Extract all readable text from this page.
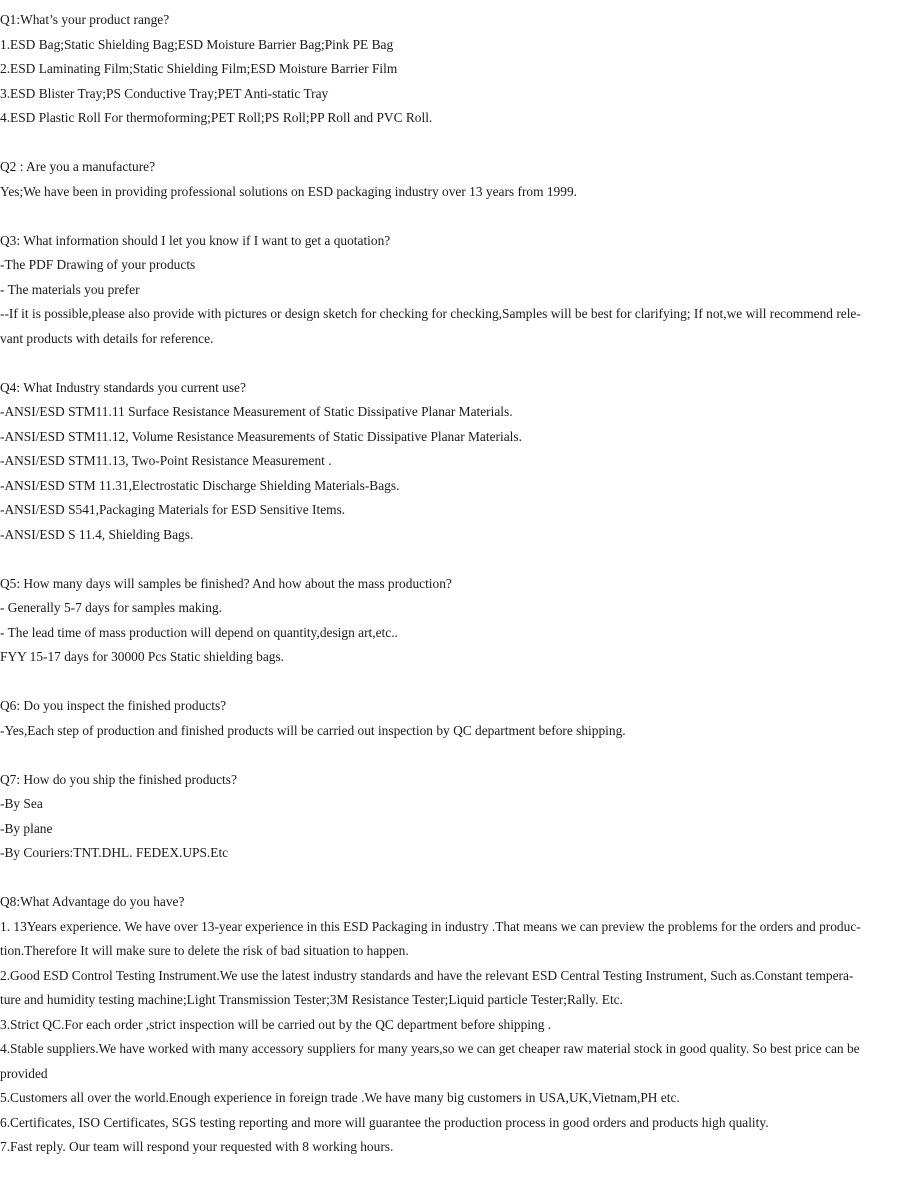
Q1:What’s your product range?
1.ESD Bag;Static Shielding Bag;ESD Moisture Barrier Bag;Pink PE Bag
2.ESD Laminating Film;Static Shielding Film;ESD Moisture Barrier Film
3.ESD Blister Tray;PS Conductive Tray;PET Anti-static Tray
4.ESD Plastic Roll For thermoforming;PET Roll;PS Roll;PP Roll and PVC Roll.
Q2 : Are you a manufacture?
Yes;We have been in providing professional solutions on ESD packaging industry over 13 years from 1999.
Q3: What information should I let you know if I want to get a quotation?
-The PDF Drawing of your products
- The materials you prefer
--If it is possible,please also provide with pictures or design sketch for checking for checking,Samples will be best for clarifying; If not,we will recommend rele-
vant products with details for reference.
Q4: What Industry standards you current use?
-ANSI/ESD STM11.11 Surface Resistance Measurement of Static Dissipative Planar Materials.
-ANSI/ESD STM11.12, Volume Resistance Measurements of Static Dissipative Planar Materials.
-ANSI/ESD STM11.13, Two-Point Resistance Measurement .
-ANSI/ESD STM 11.31,Electrostatic Discharge Shielding Materials-Bags.
-ANSI/ESD S541,Packaging Materials for ESD Sensitive Items.
-ANSI/ESD S 11.4, Shielding Bags.
Q5: How many days will samples be finished? And how about the mass production?
- Generally 5-7 days for samples making.
- The lead time of mass production will depend on quantity,design art,etc..
FYY 15-17 days for 30000 Pcs Static shielding bags.
Q6: Do you inspect the finished products?
-Yes,Each step of production and finished products will be carried out inspection by QC department before shipping.
Q7: How do you ship the finished products?
-By Sea
-By plane
-By Couriers:TNT.DHL. FEDEX.UPS.Etc
Q8:What Advantage do you have?
1. 13Years experience. We have over 13-year experience in this ESD Packaging in industry .That means we can preview the problems for the orders and produc-
tion.Therefore It will make sure to delete the risk of bad situation to happen.
2.Good ESD Control Testing Instrument.We use the latest industry standards and have the relevant ESD Central Testing Instrument, Such as.Constant tempera-
ture and humidity testing machine;Light Transmission Tester;3M Resistance Tester;Liquid particle Tester;Rally. Etc.
3.Strict QC.For each order ,strict inspection will be carried out by the QC department before shipping .
4.Stable suppliers.We have worked with many accessory suppliers for many years,so we can get cheaper raw material stock in good quality. So best price can be
provided
5.Customers all over the world.Enough experience in foreign trade .We have many big customers in USA,UK,Vietnam,PH etc.
6.Certificates, ISO Certificates, SGS testing reporting and more will guarantee the production process in good orders and products high quality.
7.Fast reply. Our team will respond your requested with 8 working hours.
